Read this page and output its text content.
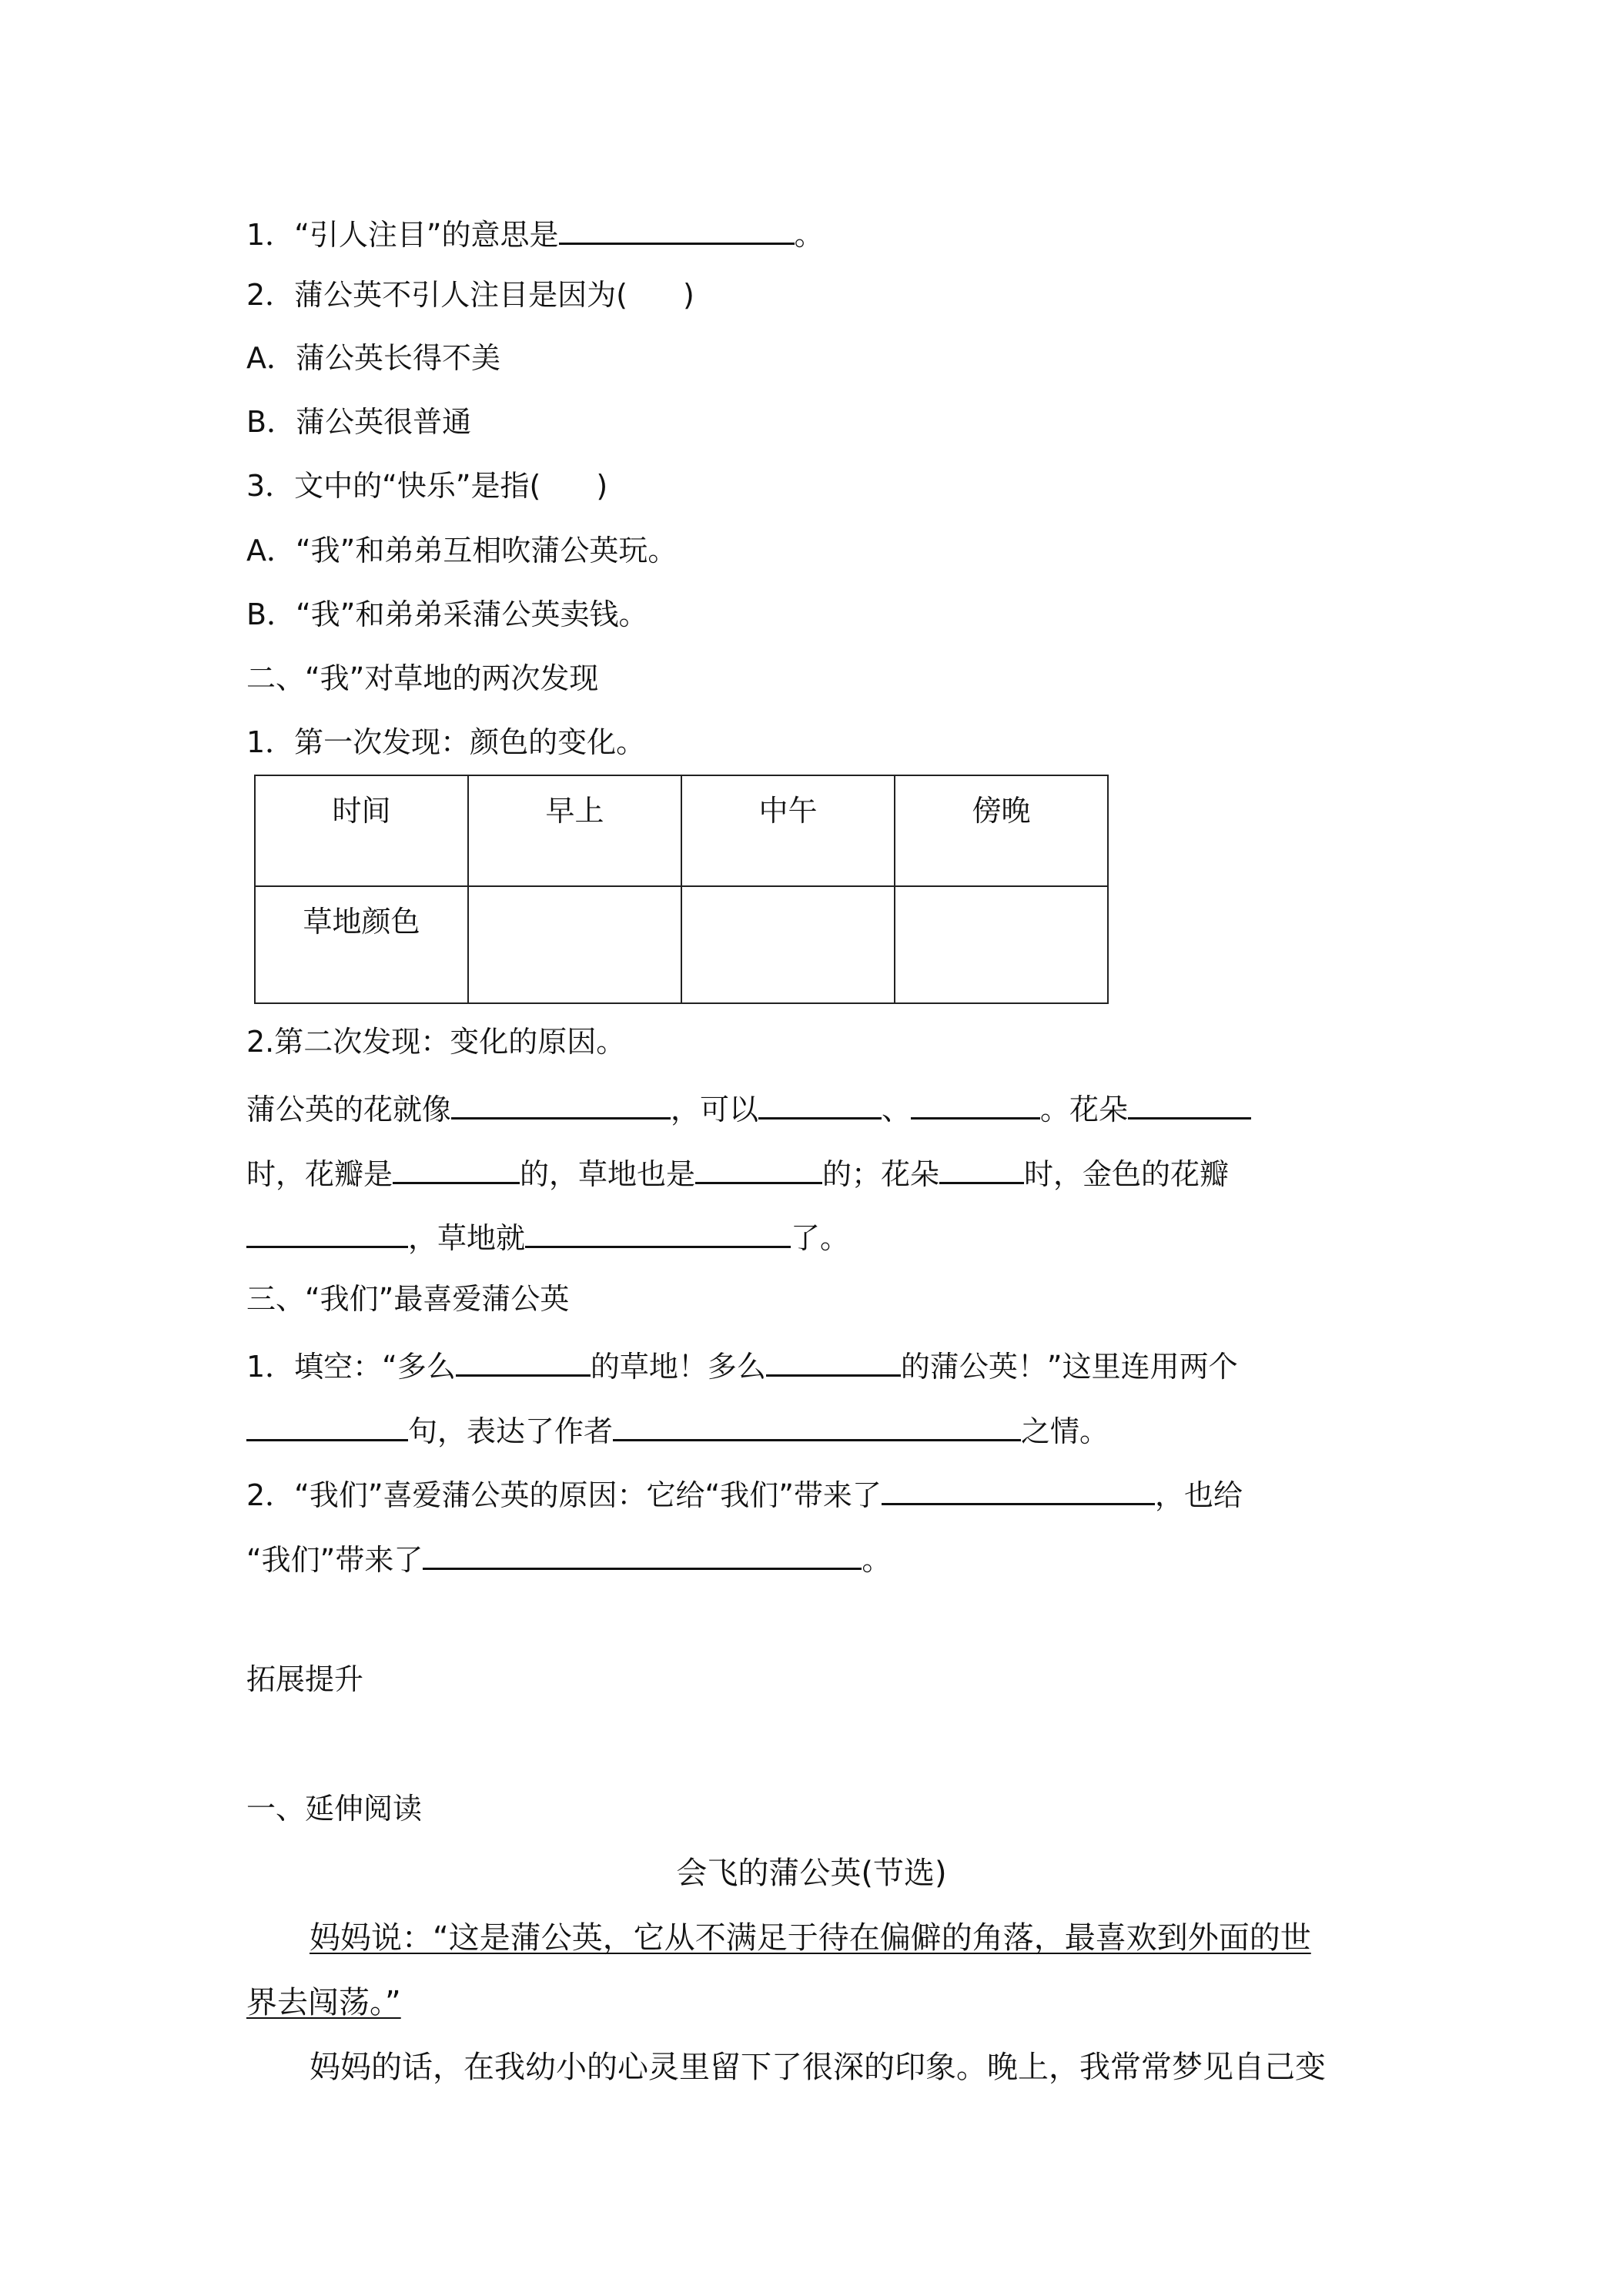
1．“引人注目”的意思是	。
2．蒲公英不引人注目是因为( )
A．蒲公英长得不美
B．蒲公英很普通
3．文中的“快乐”是指( )
A．“我”和弟弟互相吹蒲公英玩。
B．“我”和弟弟采蒲公英卖钱。
二、“我”对草地的两次发现
1．第一次发现：颜色的变化。
时间	早上	中午	傍晚
草地颜色			
2.第二次发现：变化的原因。
蒲公英的花就像	，可以	、	。花朵
时，花瓣是	的，草地也是	的；花朵	时，金色的花瓣
，草地就	了。
三、“我们”最喜爱蒲公英
1．填空：“多么	的草地！多么	的蒲公英！”这里连用两个
句，表达了作者	之情。
2．“我们”喜爱蒲公英的原因：它给“我们”带来了	，也给
“我们”带来了	。
拓展提升
一、延伸阅读
会飞的蒲公英(节选)
妈妈说：“这是蒲公英，它从不满足于待在偏僻的角落，最喜欢到外面的世
界去闯荡。”
妈妈的话，在我幼小的心灵里留下了很深的印象。晚上，我常常梦见自己变
